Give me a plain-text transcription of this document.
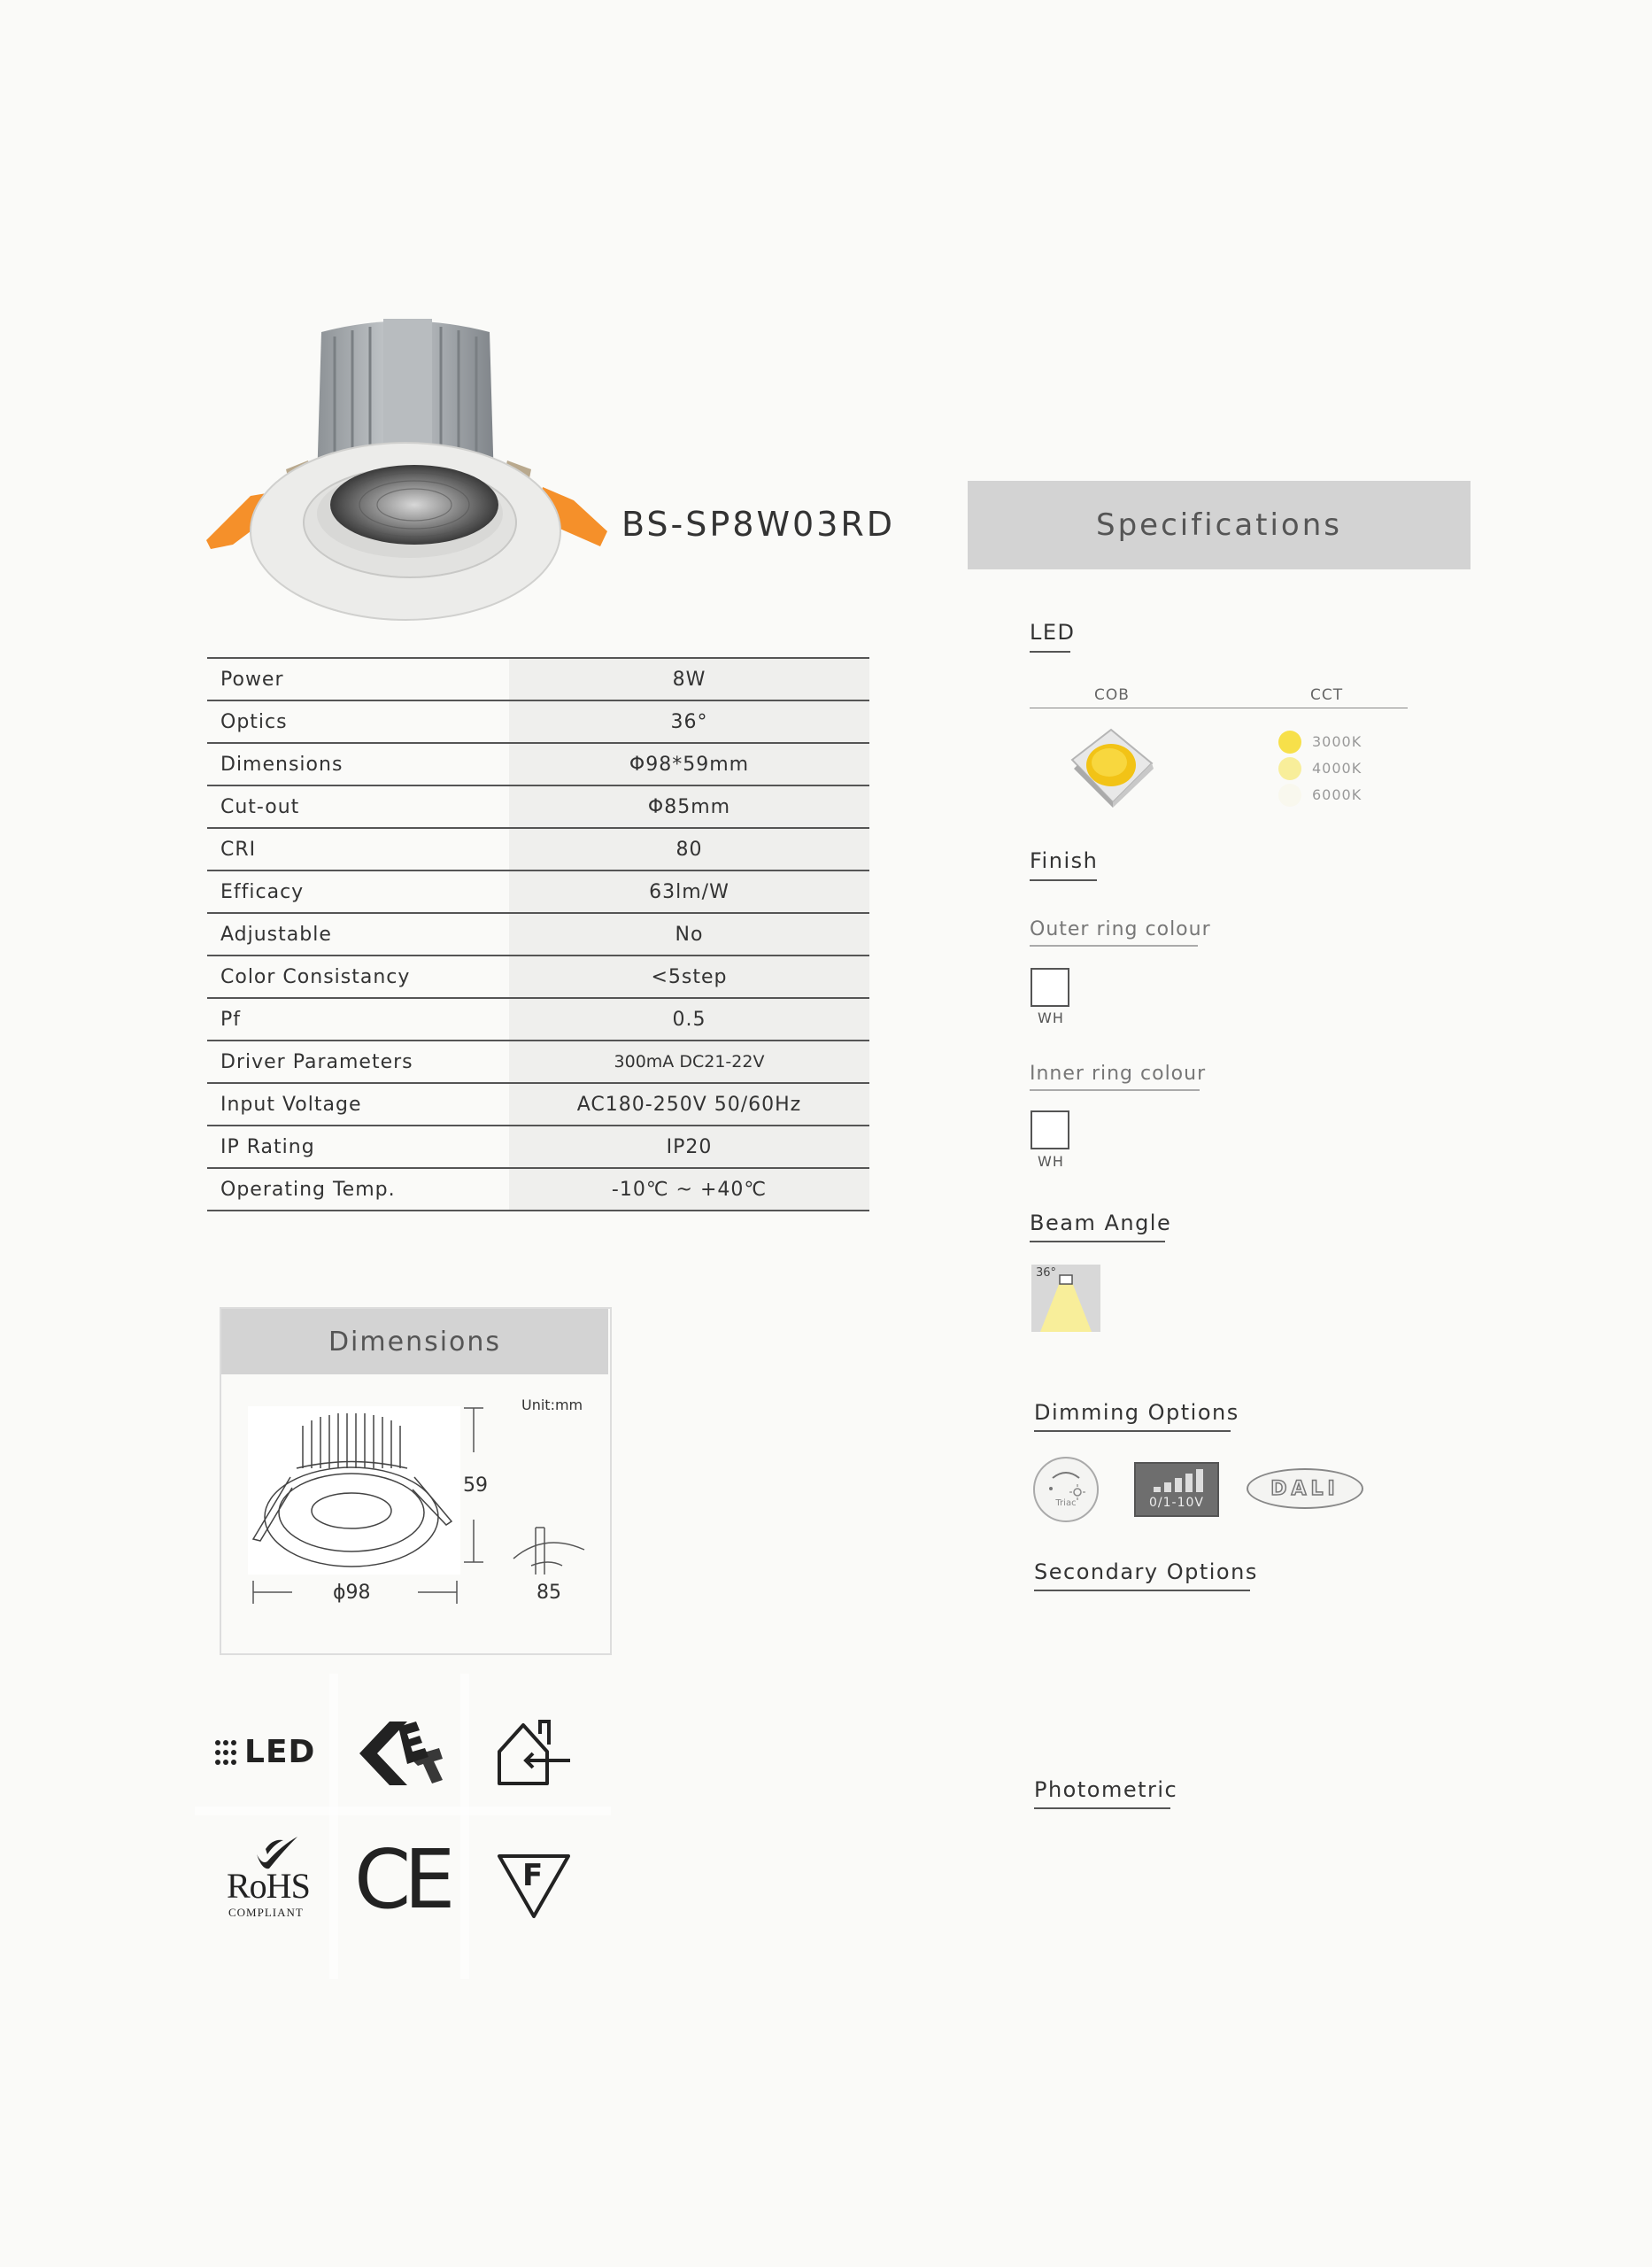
BS-SP8W03RD
Power	8W
Optics	36°
Dimensions	Φ98*59mm
Cut-out	Φ85mm
CRI	80
Efficacy	63lm/W
Adjustable	No
Color Consistancy	<5step
Pf	0.5
Driver Parameters	300mA DC21-22V
Input Voltage	AC180-250V 50/60Hz
IP Rating	IP20
Operating Temp.	-10℃ ~ +40℃
Specifications
LED
COB	CCT
3000K
4000K
6000K
Finish
Outer ring colour
WH
Inner ring colour
WH
Beam Angle
36°
Dimming Options
Triac	0/1-10V
DALI
Secondary Options
Photometric
Dimensions
59
Unit:mm
ϕ98	85
LED
RoHS
COMPLIANT CE F
